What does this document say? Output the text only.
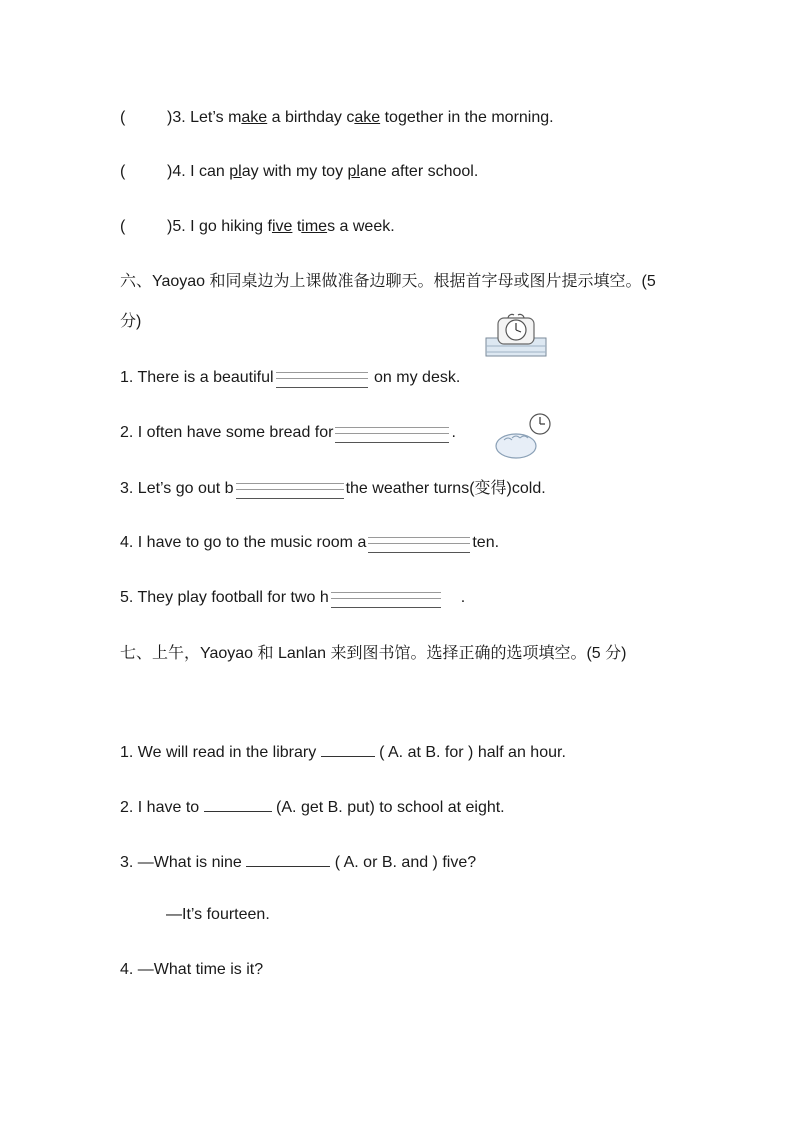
(	)3. Let’s make a birthday cake together in the morning.
(	)4. I can play with my toy plane after school.
(	)5. I go hiking five times a week.
六、Yaoyao 和同桌边为上课做准备边聊天。根据首字母或图片提示填空。(5 分)
1. There is a beautiful	on my desk.
2. I often have some bread for	.
3. Let’s go out b	the weather turns(变得)cold.
4. I have to go to the music room a	ten.
5. They play football for two h	.
七、上午，Yaoyao 和 Lanlan 来到图书馆。选择正确的选项填空。(5 分)
1. We will read in the library	( A. at B. for ) half an hour.
2. I have to	(A. get B. put) to school at eight.
3. —What is nine	( A. or B. and ) five?
—It’s fourteen.
4. —What time is it?
